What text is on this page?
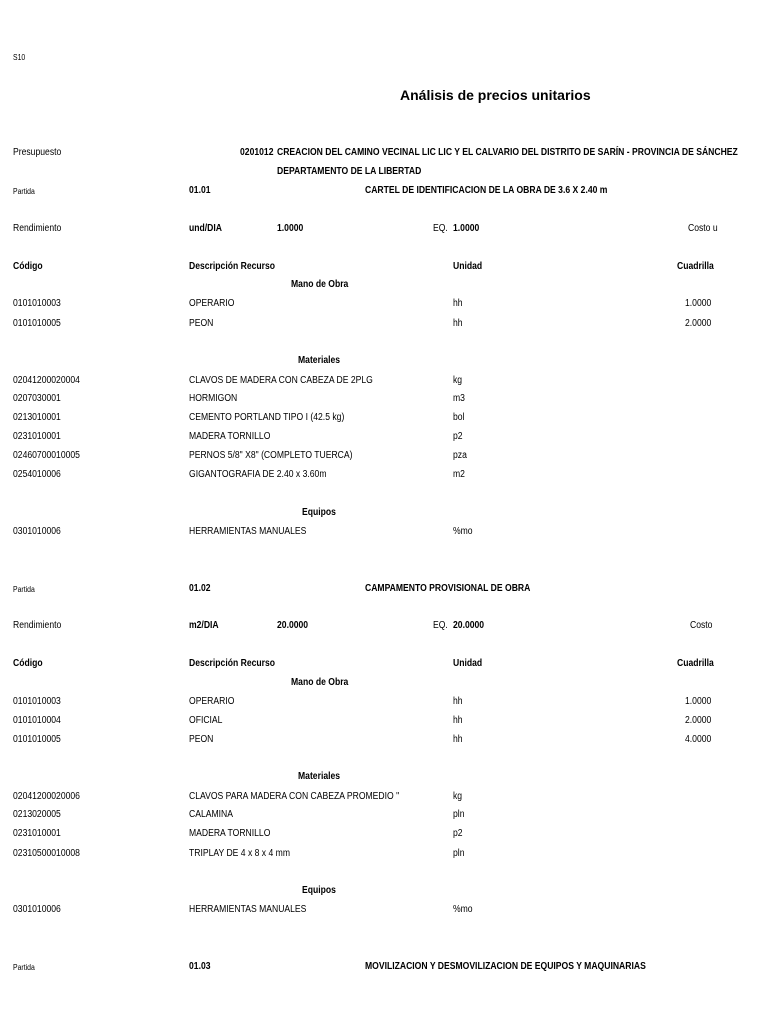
S10
Análisis de precios unitarios
Presupuesto	0201012 CREACION DEL CAMINO VECINAL LIC LIC Y EL CALVARIO DEL DISTRITO DE SARÍN - PROVINCIA DE SÁNCHEZ
DEPARTAMENTO DE LA LIBERTAD
Partida	01.01	CARTEL DE IDENTIFICACION DE LA OBRA DE 3.6 X 2.40 m
Rendimiento	und/DIA	1.0000	EQ. 1.0000	Costo u
Código	Descripción Recurso	Unidad	Cuadrilla
Mano de Obra
0101010003	OPERARIO	hh	1.0000
0101010005	PEON	hh	2.0000
Materiales
02041200020004	CLAVOS DE MADERA CON CABEZA DE 2PLG	kg
0207030001	HORMIGON	m3
0213010001	CEMENTO PORTLAND TIPO I (42.5 kg)	bol
0231010001	MADERA TORNILLO	p2
02460700010005	PERNOS 5/8" X8" (COMPLETO TUERCA)	pza
0254010006	GIGANTOGRAFIA DE 2.40 x 3.60m	m2
Equipos
0301010006	HERRAMIENTAS MANUALES	%mo
Partida	01.02	CAMPAMENTO PROVISIONAL DE OBRA
Rendimiento	m2/DIA	20.0000	EQ. 20.0000	Costo
Código	Descripción Recurso	Unidad	Cuadrilla
Mano de Obra
0101010003	OPERARIO	hh	1.0000
0101010004	OFICIAL	hh	2.0000
0101010005	PEON	hh	4.0000
Materiales
02041200020006	CLAVOS PARA MADERA CON CABEZA PROMEDIO "	kg
0213020005	CALAMINA	pln
0231010001	MADERA TORNILLO	p2
02310500010008	TRIPLAY DE 4 x 8 x 4 mm	pln
Equipos
0301010006	HERRAMIENTAS MANUALES	%mo
Partida	01.03	MOVILIZACION Y DESMOVILIZACION DE EQUIPOS Y MAQUINARIAS
